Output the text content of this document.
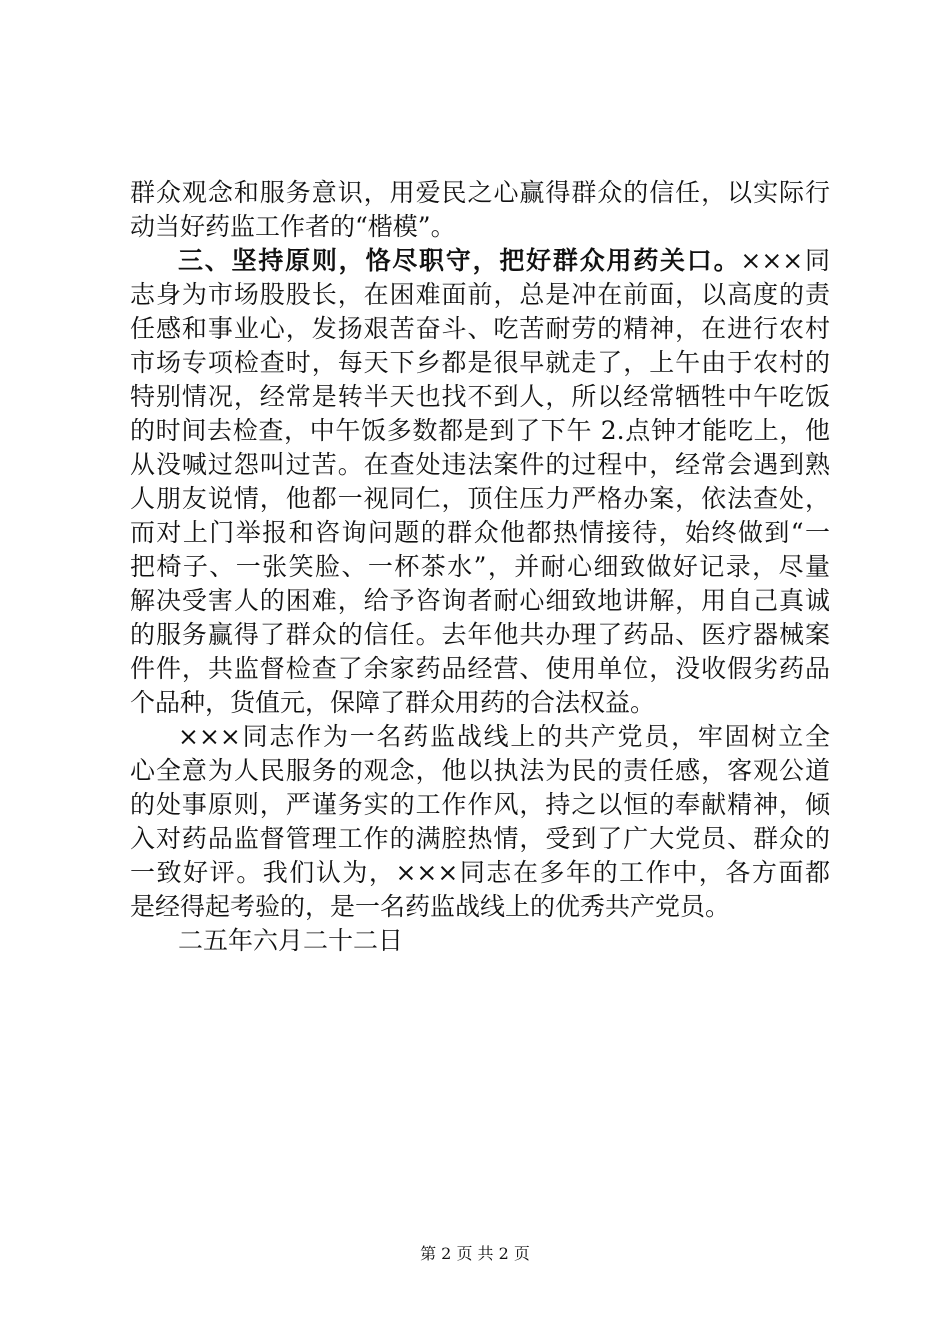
群众观念和服务意识，用爱民之心赢得群众的信任，以实际行
动当好药监工作者的“楷模”。
三、坚持原则，恪尽职守，把好群众用药关口。×××同
志身为市场股股长，在困难面前，总是冲在前面，以高度的责
任感和事业心，发扬艰苦奋斗、吃苦耐劳的精神，在进行农村
市场专项检查时，每天下乡都是很早就走了，上午由于农村的
特别情况，经常是转半天也找不到人，所以经常牺牲中午吃饭
的时间去检查，中午饭多数都是到了下午 2.点钟才能吃上，他
从没喊过怨叫过苦。在查处违法案件的过程中，经常会遇到熟
人朋友说情，他都一视同仁，顶住压力严格办案，依法查处，
而对上门举报和咨询问题的群众他都热情接待，始终做到“一
把椅子、一张笑脸、一杯茶水”，并耐心细致做好记录，尽量
解决受害人的困难，给予咨询者耐心细致地讲解，用自己真诚
的服务赢得了群众的信任。去年他共办理了药品、医疗器械案
件件，共监督检查了余家药品经营、使用单位，没收假劣药品
个品种，货值元，保障了群众用药的合法权益。
×××同志作为一名药监战线上的共产党员，牢固树立全
心全意为人民服务的观念，他以执法为民的责任感，客观公道
的处事原则，严谨务实的工作作风，持之以恒的奉献精神，倾
入对药品监督管理工作的满腔热情，受到了广大党员、群众的
一致好评。我们认为，×××同志在多年的工作中，各方面都
是经得起考验的，是一名药监战线上的优秀共产党员。
二五年六月二十二日
第 2 页 共 2 页
